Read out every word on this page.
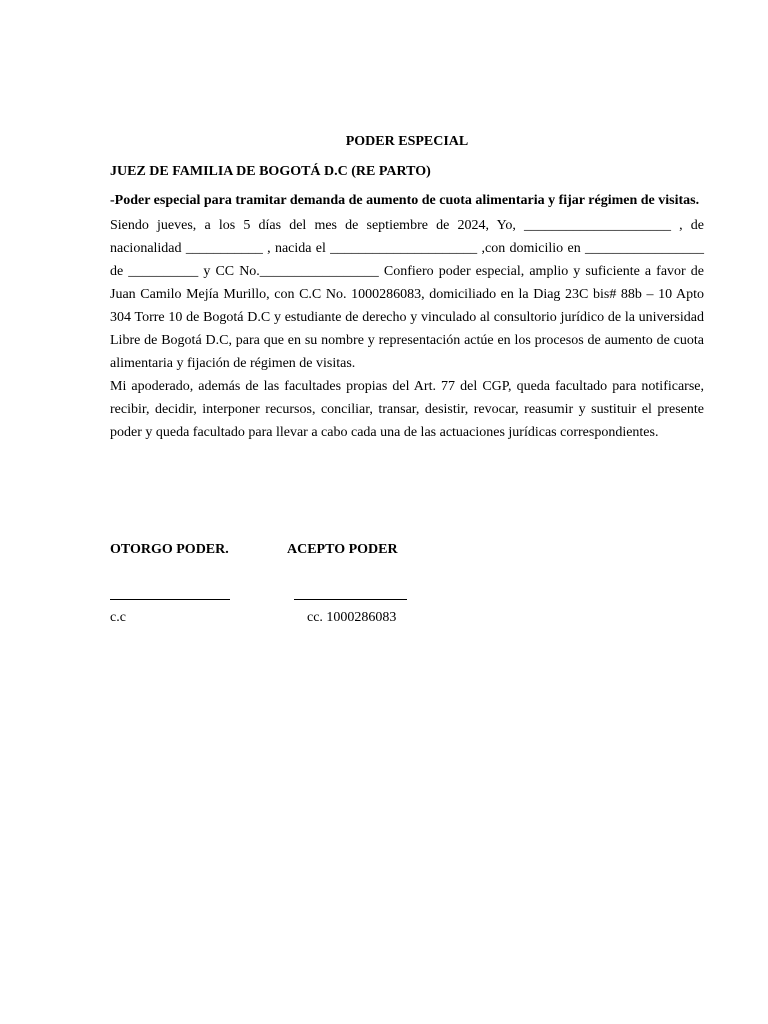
PODER ESPECIAL

JUEZ DE FAMILIA DE BOGOTÁ D.C (RE PARTO)

-Poder especial para tramitar demanda de aumento de cuota alimentaria y fijar régimen de visitas.

Siendo jueves, a los 5 días del mes de septiembre de 2024, Yo, _____________________ , de nacionalidad ___________ , nacida el _____________________ ,con domicilio en _________________ de __________ y CC No._________________ Confiero poder especial, amplio y suficiente a favor de Juan Camilo Mejía Murillo, con C.C No. 1000286083, domiciliado en la Diag 23C bis# 88b – 10 Apto 304 Torre 10 de Bogotá D.C y estudiante de derecho y vinculado al consultorio jurídico de la universidad Libre de Bogotá D.C, para que en su nombre y representación actúe en los procesos de aumento de cuota alimentaria y fijación de régimen de visitas.

Mi apoderado, además de las facultades propias del Art. 77 del CGP, queda facultado para notificarse, recibir, decidir, interponer recursos, conciliar, transar, desistir, revocar, reasumir y sustituir el presente poder y queda facultado para llevar a cabo cada una de las actuaciones jurídicas correspondientes.

OTORGO PODER.	ACEPTO PODER
c.c	cc. 1000286083
